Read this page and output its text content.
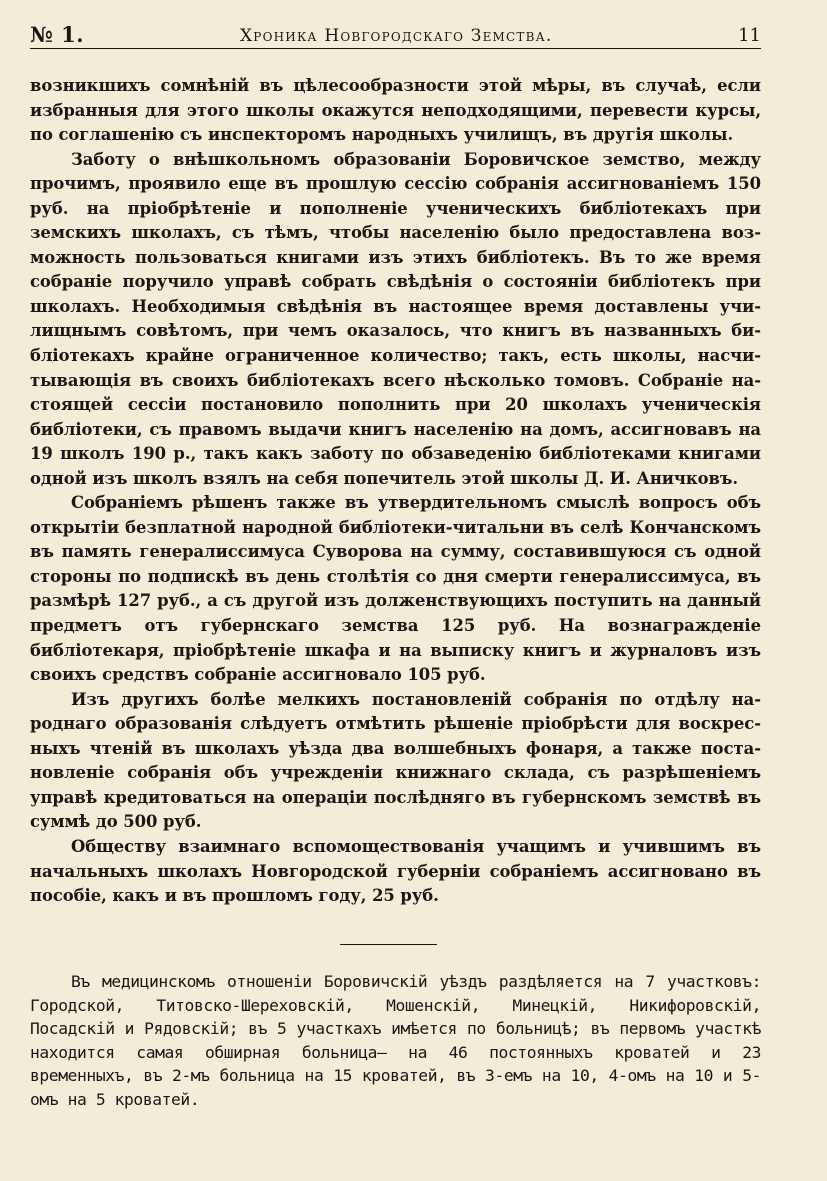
№ 1.	Хроника Новгородскаго Земства.	11

возникшихъ сомнѣній въ цѣлесообразности этой мѣры, въ случаѣ, если избранныя для этого школы окажутся неподходящими, перевести курсы, по соглашенію съ инспекторомъ народныхъ училищъ, въ другія школы.

Заботу о внѣшкольномъ образованіи Боровичское земство, между прочимъ, проявило еще въ прошлую сессію собранія ассигнованіемъ 150 руб. на пріобрѣтеніе и пополненіе ученическихъ библіотекахъ при земскихъ школахъ, съ тѣмъ, чтобы населенію было предоставлена возможность пользоваться книгами изъ этихъ библіотекъ. Въ то же время собраніе поручило управѣ собрать свѣдѣнія о состояніи библіотекъ при школахъ. Необходимыя свѣдѣнія въ настоящее время доставлены училищнымъ совѣтомъ, при чемъ оказалось, что книгъ въ названныхъ библіотекахъ крайне ограниченное количество; такъ, есть школы, насчитывающія въ своихъ библіотекахъ всего нѣсколько томовъ. Собраніе настоящей сессіи постановило пополнить при 20 школахъ ученическія библіотеки, съ правомъ выдачи книгъ населенію на домъ, ассигновавъ на 19 школъ 190 р., такъ какъ заботу по обзаведенію библіотеками книгами одной изъ школъ взялъ на себя попечитель этой школы Д. И. Аничковъ.

Собраніемъ рѣшенъ также въ утвердительномъ смыслѣ вопросъ объ открытіи безплатной народной библіотеки-читальни въ селѣ Кончанскомъ въ память генералиссимуса Суворова на сумму, составившуюся съ одной стороны по подпискѣ въ день столѣтія со дня смерти генералиссимуса, въ размѣрѣ 127 руб., а съ другой изъ долженствующихъ поступить на данный предметъ отъ губернскаго земства 125 руб. На вознагражденіе библіотекаря, пріобрѣтеніе шкафа и на выписку книгъ и журналовъ изъ своихъ средствъ собраніе ассигновало 105 руб.

Изъ другихъ болѣе мелкихъ постановленій собранія по отдѣлу народнаго образованія слѣдуетъ отмѣтить рѣшеніе пріобрѣсти для воскресныхъ чтеній въ школахъ уѣзда два волшебныхъ фонаря, а также постановленіе собранія объ учрежденіи книжнаго склада, съ разрѣшеніемъ управѣ кредитоваться на операціи послѣдняго въ губернскомъ земствѣ въ суммѣ до 500 руб.

Обществу взаимнаго вспомоществованія учащимъ и учившимъ въ начальныхъ школахъ Новгородской губерніи собраніемъ ассигновано въ пособіе, какъ и въ прошломъ году, 25 руб.

Въ медицинскомъ отношеніи Боровичскій уѣздъ раздѣляется на 7 участковъ: Городской, Титовско-Шереховскій, Мошенскій, Минецкій, Никифоровскій, Посадскій и Рядовскій; въ 5 участкахъ имѣется по больницѣ; въ первомъ участкѣ находится самая обширная больница— на 46 постоянныхъ кроватей и 23 временныхъ, въ 2-мъ больница на 15 кроватей, въ 3-емъ на 10, 4-омъ на 10 и 5-омъ на 5 кроватей.
